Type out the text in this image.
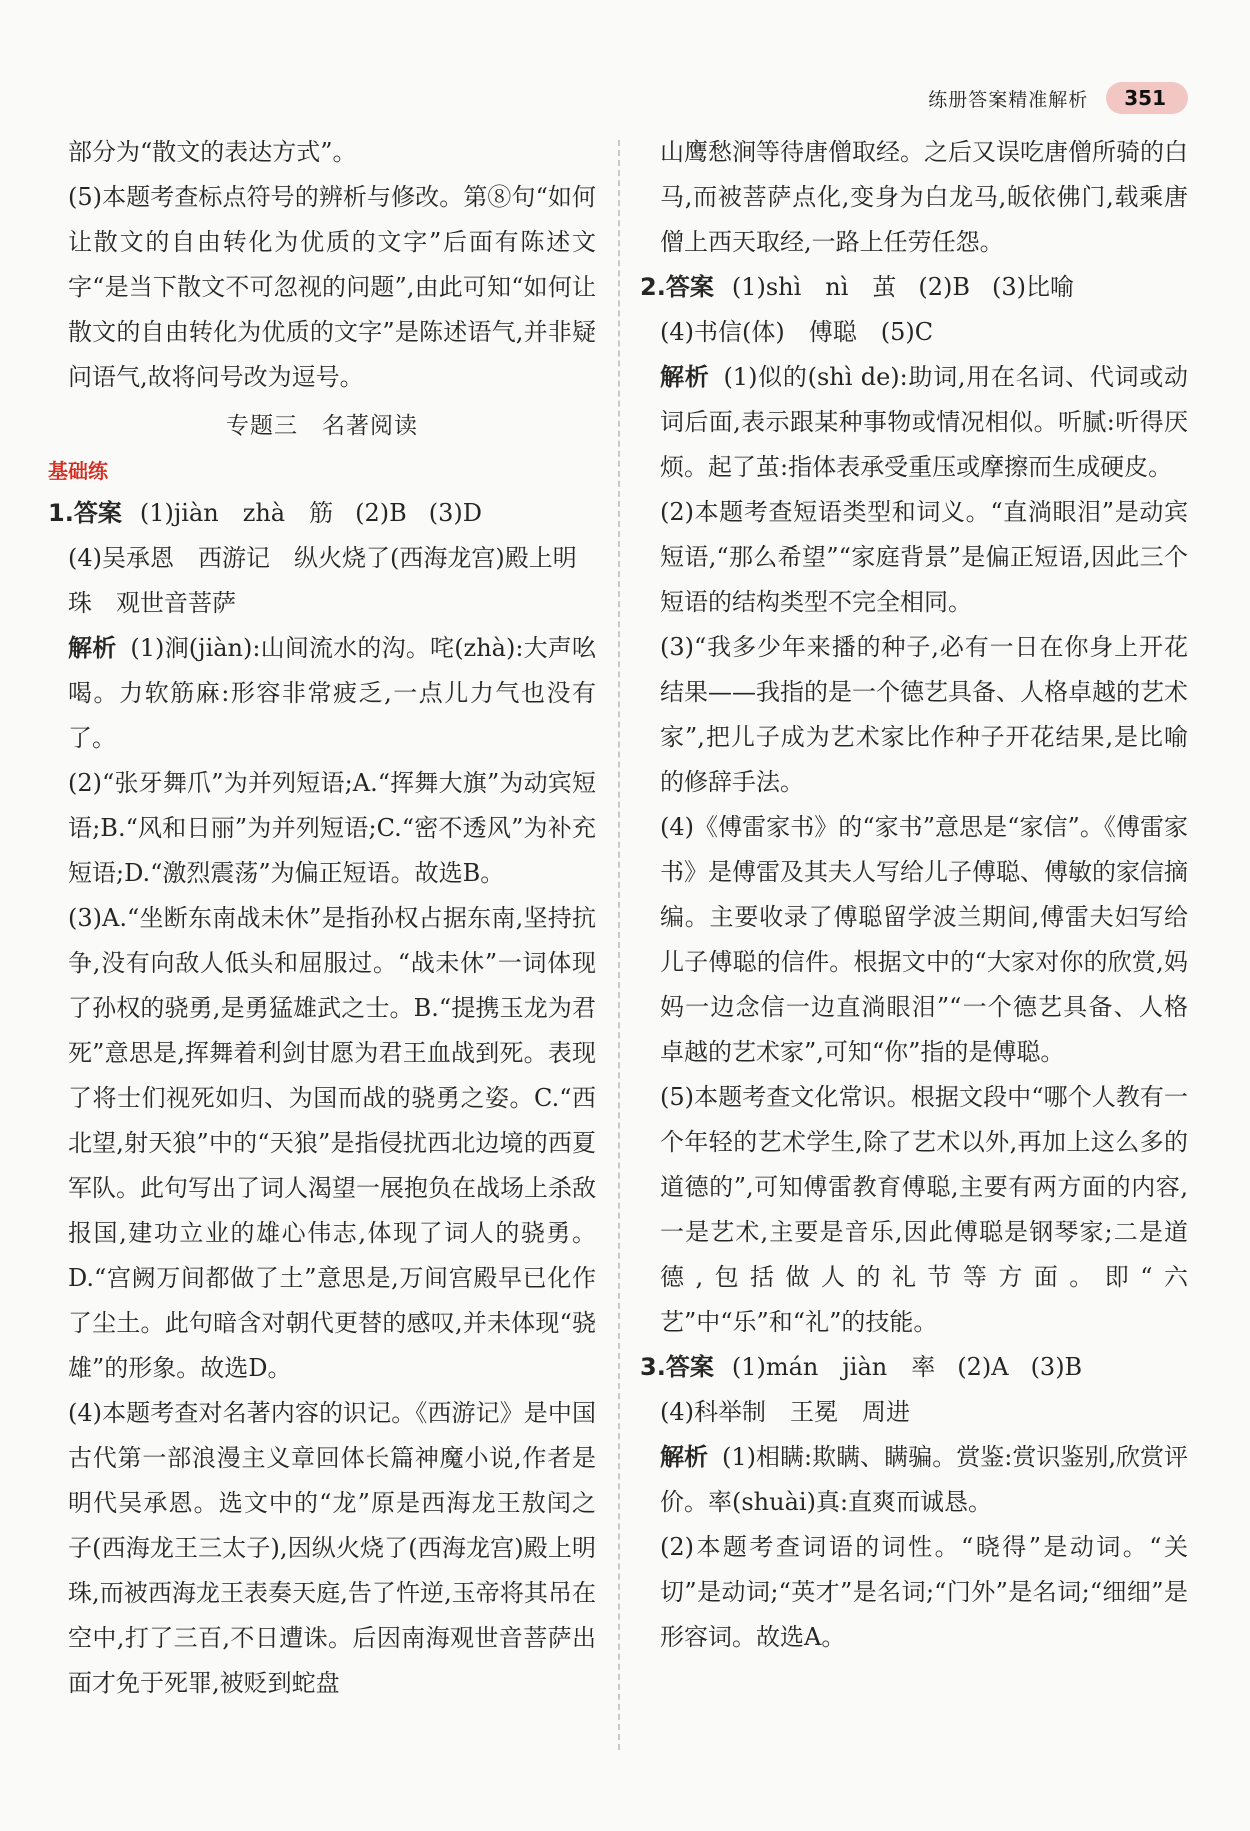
练册答案精准解析	351

部分为“散文的表达方式”。

(5)本题考查标点符号的辨析与修改。第⑧句“如何让散文的自由转化为优质的文字”后面有陈述文字“是当下散文不可忽视的问题”,由此可知“如何让散文的自由转化为优质的文字”是陈述语气,并非疑问语气,故将问号改为逗号。

专题三　名著阅读

基础练

1.答案 (1)jiàn　zhà　筋 (2)B (3)D

(4)吴承恩　西游记　纵火烧了(西海龙宫)殿上明珠　观世音菩萨

解析 (1)涧(jiàn):山间流水的沟。咤(zhà):大声吆喝。力软筋麻:形容非常疲乏,一点儿力气也没有了。

(2)“张牙舞爪”为并列短语;A.“挥舞大旗”为动宾短语;B.“风和日丽”为并列短语;C.“密不透风”为补充短语;D.“激烈震荡”为偏正短语。故选B。

(3)A.“坐断东南战未休”是指孙权占据东南,坚持抗争,没有向敌人低头和屈服过。“战未休”一词体现了孙权的骁勇,是勇猛雄武之士。B.“提携玉龙为君死”意思是,挥舞着利剑甘愿为君王血战到死。表现了将士们视死如归、为国而战的骁勇之姿。C.“西北望,射天狼”中的“天狼”是指侵扰西北边境的西夏军队。此句写出了词人渴望一展抱负在战场上杀敌报国,建功立业的雄心伟志,体现了词人的骁勇。D.“宫阙万间都做了土”意思是,万间宫殿早已化作了尘土。此句暗含对朝代更替的感叹,并未体现“骁雄”的形象。故选D。

(4)本题考查对名著内容的识记。《西游记》是中国古代第一部浪漫主义章回体长篇神魔小说,作者是明代吴承恩。选文中的“龙”原是西海龙王敖闰之子(西海龙王三太子),因纵火烧了(西海龙宫)殿上明珠,而被西海龙王表奏天庭,告了忤逆,玉帝将其吊在空中,打了三百,不日遭诛。后因南海观世音菩萨出面才免于死罪,被贬到蛇盘

山鹰愁涧等待唐僧取经。之后又误吃唐僧所骑的白马,而被菩萨点化,变身为白龙马,皈依佛门,载乘唐僧上西天取经,一路上任劳任怨。

2.答案 (1)shì　nì　茧 (2)B (3)比喻

(4)书信(体)　傅聪 (5)C

解析 (1)似的(shì de):助词,用在名词、代词或动词后面,表示跟某种事物或情况相似。听腻:听得厌烦。起了茧:指体表承受重压或摩擦而生成硬皮。

(2)本题考查短语类型和词义。“直淌眼泪”是动宾短语,“那么希望”“家庭背景”是偏正短语,因此三个短语的结构类型不完全相同。

(3)“我多少年来播的种子,必有一日在你身上开花结果——我指的是一个德艺具备、人格卓越的艺术家”,把儿子成为艺术家比作种子开花结果,是比喻的修辞手法。

(4)《傅雷家书》的“家书”意思是“家信”。《傅雷家书》是傅雷及其夫人写给儿子傅聪、傅敏的家信摘编。主要收录了傅聪留学波兰期间,傅雷夫妇写给儿子傅聪的信件。根据文中的“大家对你的欣赏,妈妈一边念信一边直淌眼泪”“一个德艺具备、人格卓越的艺术家”,可知“你”指的是傅聪。

(5)本题考查文化常识。根据文段中“哪个人教有一个年轻的艺术学生,除了艺术以外,再加上这么多的道德的”,可知傅雷教育傅聪,主要有两方面的内容,一是艺术,主要是音乐,因此傅聪是钢琴家;二是道德,包括做人的礼节等方面。即“六艺”中“乐”和“礼”的技能。

3.答案 (1)mán　jiàn　率 (2)A (3)B

(4)科举制　王冕　周进

解析 (1)相瞒:欺瞒、瞒骗。赏鉴:赏识鉴别,欣赏评价。率(shuài)真:直爽而诚恳。

(2)本题考查词语的词性。“晓得”是动词。“关切”是动词;“英才”是名词;“门外”是名词;“细细”是形容词。故选A。
